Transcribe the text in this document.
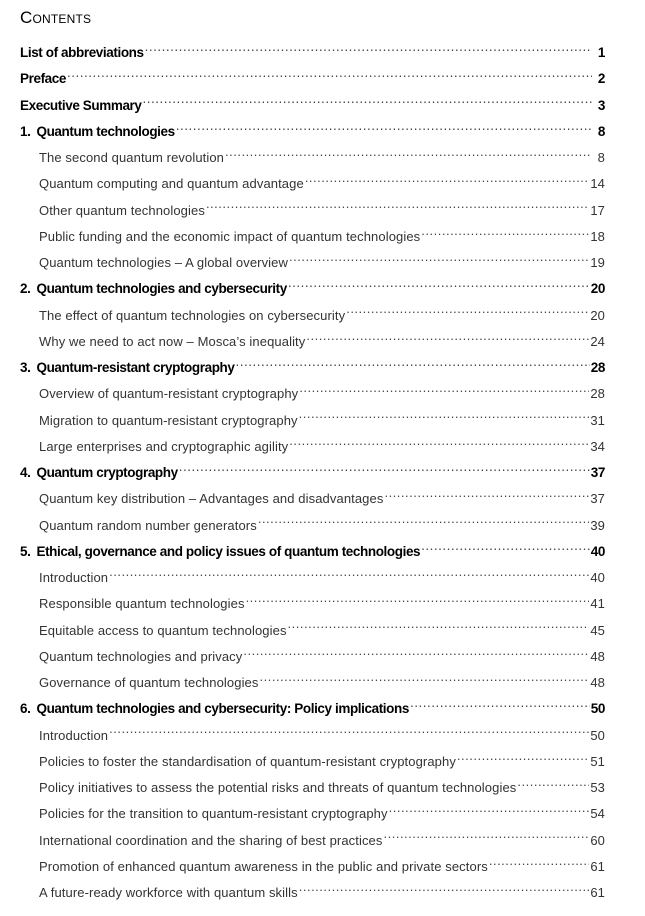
Contents
List of abbreviations .....	1
Preface .....	2
Executive Summary .....	3
1. Quantum technologies .....	8
The second quantum revolution .....	8
Quantum computing and quantum advantage .....	14
Other quantum technologies .....	17
Public funding and the economic impact of quantum technologies .....	18
Quantum technologies – A global overview .....	19
2. Quantum technologies and cybersecurity .....	20
The effect of quantum technologies on cybersecurity .....	20
Why we need to act now – Mosca’s inequality .....	24
3. Quantum-resistant cryptography .....	28
Overview of quantum-resistant cryptography .....	28
Migration to quantum-resistant cryptography .....	31
Large enterprises and cryptographic agility .....	34
4. Quantum cryptography .....	37
Quantum key distribution – Advantages and disadvantages .....	37
Quantum random number generators .....	39
5. Ethical, governance and policy issues of quantum technologies .....	40
Introduction .....	40
Responsible quantum technologies .....	41
Equitable access to quantum technologies .....	45
Quantum technologies and privacy .....	48
Governance of quantum technologies .....	48
6. Quantum technologies and cybersecurity: Policy implications .....	50
Introduction .....	50
Policies to foster the standardisation of quantum-resistant cryptography .....	51
Policy initiatives to assess the potential risks and threats of quantum technologies .....	53
Policies for the transition to quantum-resistant cryptography .....	54
International coordination and the sharing of best practices .....	60
Promotion of enhanced quantum awareness in the public and private sectors .....	61
A future-ready workforce with quantum skills .....	61
